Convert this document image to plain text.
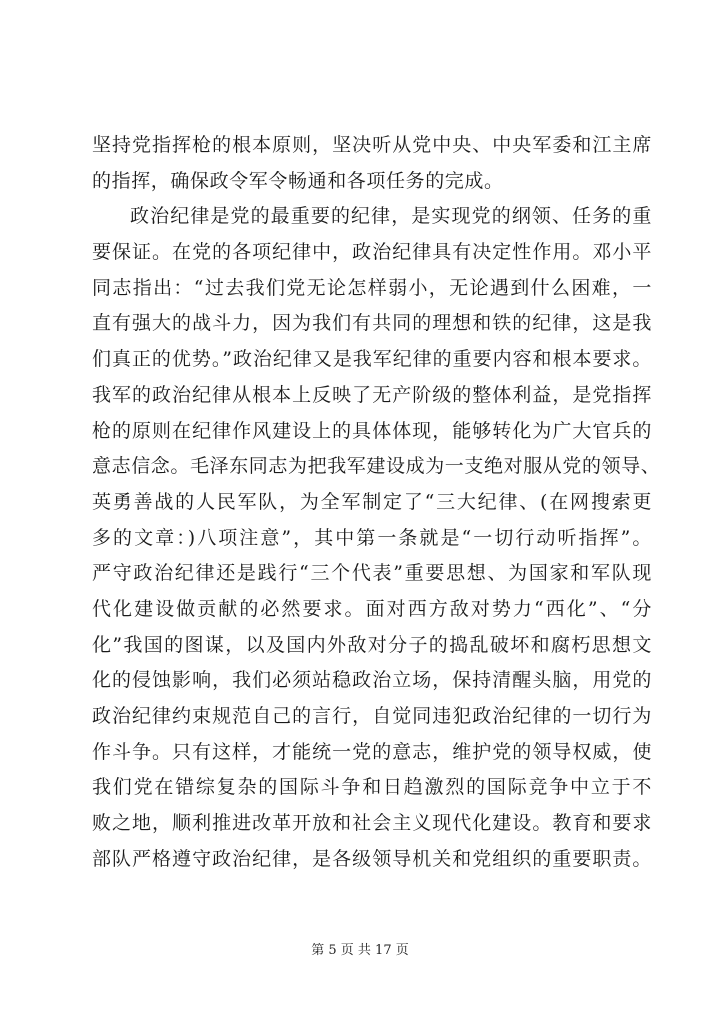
坚持党指挥枪的根本原则，坚决听从党中央、中央军委和江主席
的指挥，确保政令军令畅通和各项任务的完成。
政治纪律是党的最重要的纪律，是实现党的纲领、任务的重
要保证。在党的各项纪律中，政治纪律具有决定性作用。邓小平
同志指出：“过去我们党无论怎样弱小，无论遇到什么困难，一
直有强大的战斗力，因为我们有共同的理想和铁的纪律，这是我
们真正的优势。”政治纪律又是我军纪律的重要内容和根本要求。
我军的政治纪律从根本上反映了无产阶级的整体利益，是党指挥
枪的原则在纪律作风建设上的具体体现，能够转化为广大官兵的
意志信念。毛泽东同志为把我军建设成为一支绝对服从党的领导、
英勇善战的人民军队，为全军制定了“三大纪律、(在网搜索更
多的文章：)八项注意”，其中第一条就是“一切行动听指挥”。
严守政治纪律还是践行“三个代表”重要思想、为国家和军队现
代化建设做贡献的必然要求。面对西方敌对势力“西化”、“分
化”我国的图谋，以及国内外敌对分子的捣乱破坏和腐朽思想文
化的侵蚀影响，我们必须站稳政治立场，保持清醒头脑，用党的
政治纪律约束规范自己的言行，自觉同违犯政治纪律的一切行为
作斗争。只有这样，才能统一党的意志，维护党的领导权威，使
我们党在错综复杂的国际斗争和日趋激烈的国际竞争中立于不
败之地，顺利推进改革开放和社会主义现代化建设。教育和要求
部队严格遵守政治纪律，是各级领导机关和党组织的重要职责。
第 5 页 共 17 页
